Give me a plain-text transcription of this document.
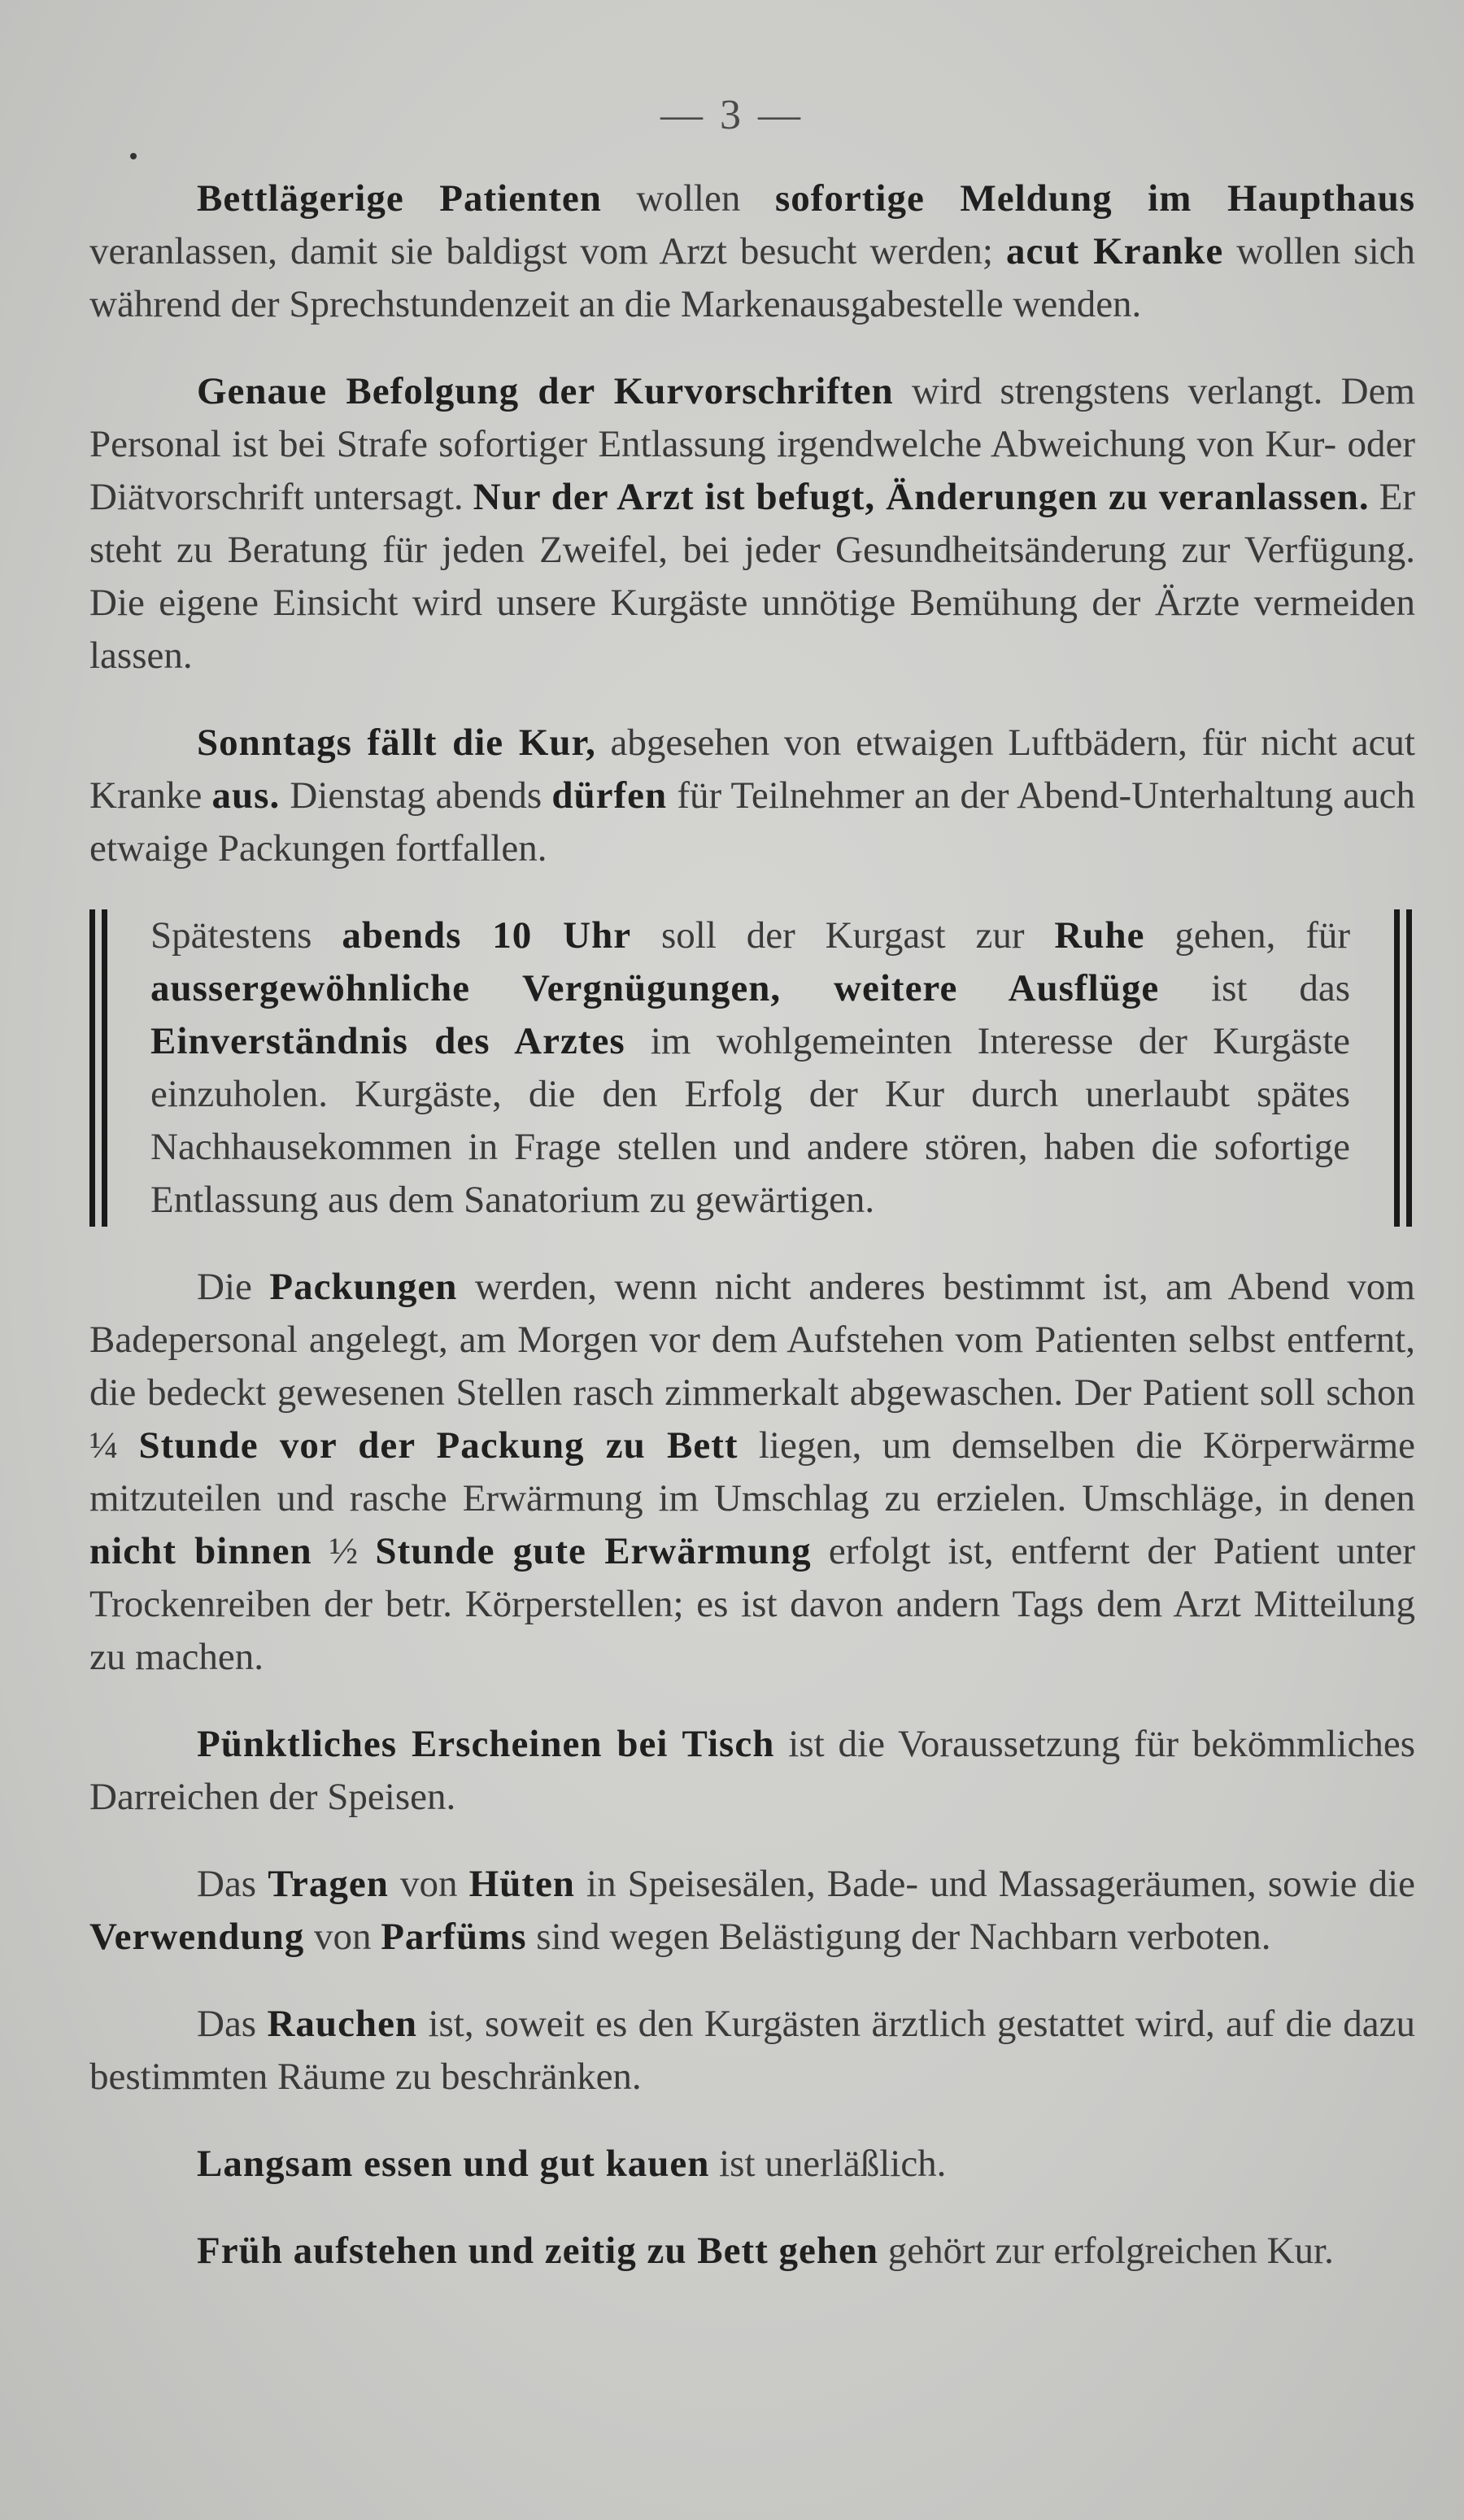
— 3 —

Bettlägerige Patienten wollen sofortige Meldung im Haupthaus veranlassen, damit sie baldigst vom Arzt besucht werden; acut Kranke wollen sich während der Sprechstundenzeit an die Markenausgabestelle wenden.

Genaue Befolgung der Kurvorschriften wird strengstens verlangt. Dem Personal ist bei Strafe sofortiger Entlassung irgendwelche Abweichung von Kur- oder Diätvorschrift untersagt. Nur der Arzt ist befugt, Änderungen zu veranlassen. Er steht zu Beratung für jeden Zweifel, bei jeder Gesundheitsänderung zur Verfügung. Die eigene Einsicht wird unsere Kurgäste unnötige Bemühung der Ärzte vermeiden lassen.

Sonntags fällt die Kur, abgesehen von etwaigen Luftbädern, für nicht acut Kranke aus. Dienstag abends dürfen für Teilnehmer an der Abend-Unterhaltung auch etwaige Packungen fortfallen.

Spätestens abends 10 Uhr soll der Kurgast zur Ruhe gehen, für aussergewöhnliche Vergnügungen, weitere Ausflüge ist das Einverständnis des Arztes im wohlgemeinten Interesse der Kurgäste einzuholen. Kurgäste, die den Erfolg der Kur durch unerlaubt spätes Nachhausekommen in Frage stellen und andere stören, haben die sofortige Entlassung aus dem Sanatorium zu gewärtigen.

Die Packungen werden, wenn nicht anderes bestimmt ist, am Abend vom Badepersonal angelegt, am Morgen vor dem Aufstehen vom Patienten selbst entfernt, die bedeckt gewesenen Stellen rasch zimmerkalt abgewaschen. Der Patient soll schon ¼ Stunde vor der Packung zu Bett liegen, um demselben die Körperwärme mitzuteilen und rasche Erwärmung im Umschlag zu erzielen. Umschläge, in denen nicht binnen ½ Stunde gute Erwärmung erfolgt ist, entfernt der Patient unter Trockenreiben der betr. Körperstellen; es ist davon andern Tags dem Arzt Mitteilung zu machen.

Pünktliches Erscheinen bei Tisch ist die Voraussetzung für bekömmliches Darreichen der Speisen.

Das Tragen von Hüten in Speisesälen, Bade- und Massageräumen, sowie die Verwendung von Parfüms sind wegen Belästigung der Nachbarn verboten.

Das Rauchen ist, soweit es den Kurgästen ärztlich gestattet wird, auf die dazu bestimmten Räume zu beschränken.

Langsam essen und gut kauen ist unerläßlich.

Früh aufstehen und zeitig zu Bett gehen gehört zur erfolgreichen Kur.
